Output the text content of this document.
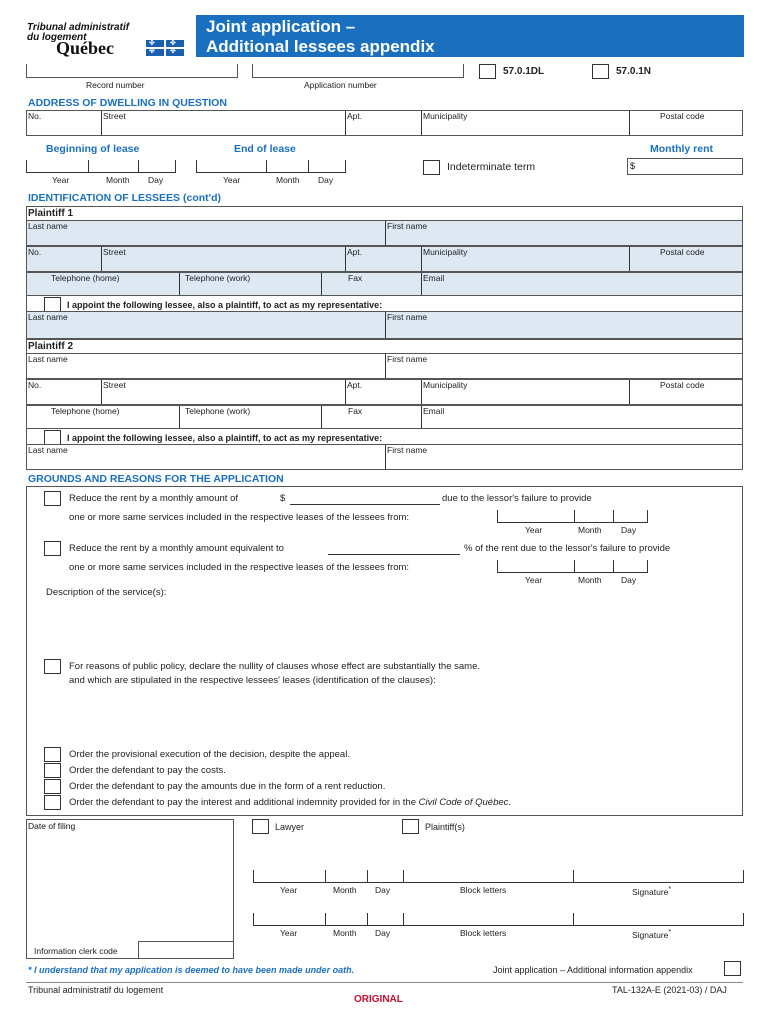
Tribunal administratif
du logement
Québec	✤ ✤
✤ ✤
Joint application –
Additional lessees appendix
Record number	Application number
57.0.1DL	57.0.1N
ADDRESS OF DWELLING IN QUESTION
No.	Street	Apt.	Municipality	Postal code
Beginning of lease	End of lease	Monthly rent
Year	Month Day	Year	Month Day
Indeterminate term	$
IDENTIFICATION OF LESSEES (cont'd)
Plaintiff 1
Last name	First name
No.	Street	Apt.	Municipality	Postal code
Telephone (home)	Telephone (work)	Fax	Email
I appoint the following lessee, also a plaintiff, to act as my representative:
Last name	First name
Plaintiff 2
Last name	First name
No.	Street	Apt.	Municipality	Postal code
Telephone (home)	Telephone (work)	Fax	Email
I appoint the following lessee, also a plaintiff, to act as my representative:
Last name	First name
GROUNDS AND REASONS FOR THE APPLICATION
Reduce the rent by a monthly amount of	$	due to the lessor's failure to provide
one or more same services included in the respective leases of the lessees from:
Year	Month Day
Reduce the rent by a monthly amount equivalent to	% of the rent due to the lessor's failure to provide
one or more same services included in the respective leases of the lessees from:
Year	Month Day
Description of the service(s):
For reasons of public policy, declare the nullity of clauses whose effect are substantially the same.
and which are stipulated in the respective lessees' leases (identification of the clauses):
Order the provisional execution of the decision, despite the appeal.
Order the defendant to pay the costs.
Order the defendant to pay the amounts due in the form of a rent reduction.
Order the defendant to pay the interest and additional indemnity provided for in the Civil Code of Québec.
Date of filing	Lawyer	Plaintiff(s)
Year	Month Day	Block letters	Signature*
Year	Month Day	Block letters	Signature*
Information clerk code
* I understand that my application is deemed to have been made under oath.	Joint application – Additional information appendix
Tribunal administratif du logement
ORIGINAL
TAL-132A-E (2021-03) / DAJ
